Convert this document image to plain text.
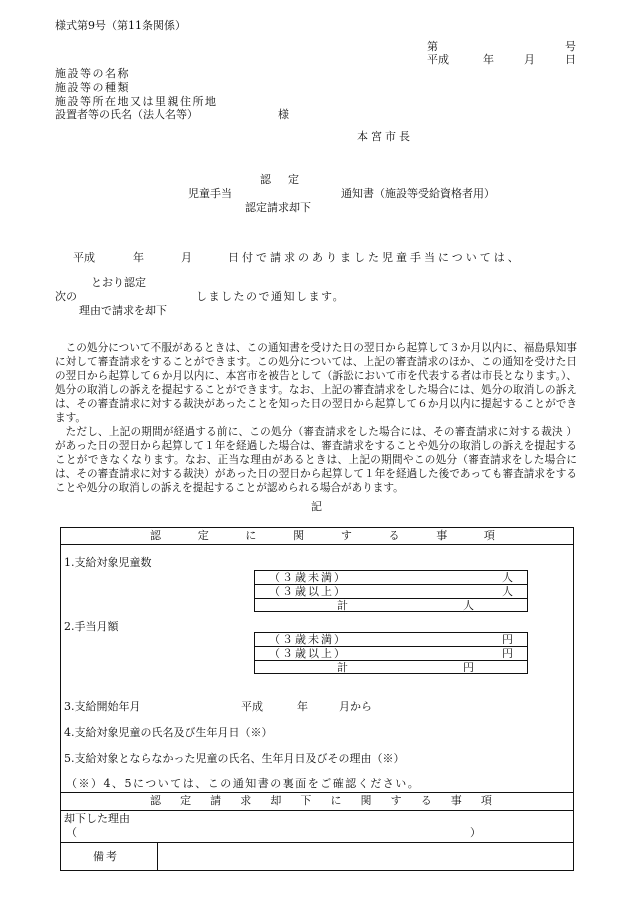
様式第9号（第11条関係）
第	号
平成	年	月	日
施設等の名称
施設等の種類
施設等所在地又は里親住所地
設置者等の氏名（法人名等）	様
本宮市長
認　定
児童手当	通知書（施設等受給資格者用）
認定請求却下
平成	年	月	日付で請求のありました児童手当については、
とおり認定
次の	しましたので通知します。
理由で請求を却下

この処分について不服があるときは、この通知書を受けた日の翌日から起算して３か月以内に、福島県知事に対して審査請求をすることができます。この処分については、上記の審査請求のほか、この通知を受けた日の翌日から起算して６か月以内に、本宮市を被告として（訴訟において市を代表する者は市長となります。）、処分の取消しの訴えを提起することができます。なお、上記の審査請求をした場合には、処分の取消しの訴えは、その審査請求に対する裁決があったことを知った日の翌日から起算して６か月以内に提起することができます。

ただし、上記の期間が経過する前に、この処分（審査請求をした場合には、その審査請求に対する裁決 ）があった日の翌日から起算して１年を経過した場合は、審査請求をすることや処分の取消しの訴えを提起することができなくなります。なお、正当な理由があるときは、上記の期間やこの処分（審査請求をした場合には、その審査請求に対する裁決）があった日の翌日から起算して１年を経過した後であっても審査請求をすることや処分の取消しの訴えを提起することが認められる場合があります。

記
認	定	に	関	す	る	事	項
1.支給対象児童数
（３歳未満）	人
（３歳以上）	人
計	人
2.手当月額
（３歳未満）	円
（３歳以上）	円
計	円
3.支給開始年月	平成	年	月から
4.支給対象児童の氏名及び生年月日（※）
5.支給対象とならなかった児童の氏名、生年月日及びその理由（※）
（※）4、5については、この通知書の裏面をご確認ください。
認 定 請 求 却 下 に 関 す る 事 項
却下した理由
（	）
備考
